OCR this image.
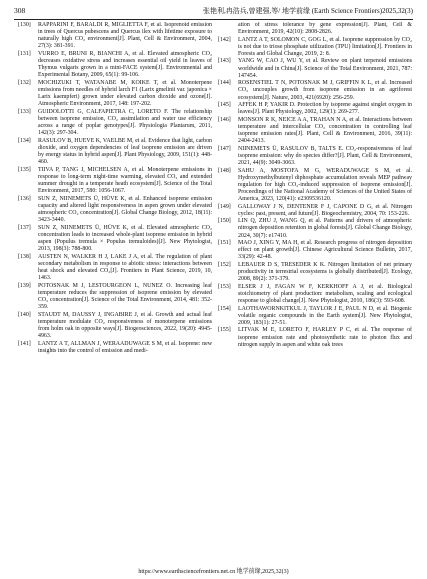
308	张艳利,冉浩兵,曾建强,等/ 地学前缘 (Earth Science Frontiers)2025,32(3)
[130]	RAPPARINI F, BARALDI R, MIGLIETTA F, et al. Isoprenoid emission in trees of Quercus pubescens and Quercus ilex with lifetime exposure to naturally high CO₂ environment[J]. Plant, Cell & Environment, 2004, 27(3): 381-391.
[131]	VURRO E, BRUNI R, BIANCHI A, et al. Elevated atmospheric CO₂ decreases oxidative stress and increases essential oil yield in leaves of Thymus vulgaris grown in a mini-FACE system[J]. Environmental and Experimental Botany, 2009, 65(1): 99-106.
[132]	MOCHIZUKI T, WATANABE M, KOIKE T, et al. Monoterpene emissions from needles of hybrid larch F1 (Larix gmelinii var. japonica × Larix kaempferi) grown under elevated carbon dioxide and ozone[J]. Atmospheric Environment, 2017, 148: 197-202.
[133]	GUIDOLOTTI G, CALFAPIETRA C, LORETO F. The relationship between isoprene emission, CO₂ assimilation and water use efficiency across a range of poplar genotypes[J]. Physiologia Plantarum, 2011, 142(3): 297-304.
[134]	RASULOV B, HUEVE K, VAELBE M, et al. Evidence that light, carbon dioxide, and oxygen dependencies of leaf isoprene emission are driven by energy status in hybrid aspen[J]. Plant Physiology, 2009, 151(1): 448-460.
[135]	TIIVA P, TANG J, MICHELSEN A, et al. Monoterpene emissions in response to long-term night-time warming, elevated CO₂ and extended summer drought in a temperate heath ecosystem[J]. Science of the Total Environment, 2017, 580: 1056-1067.
[136]	SUN Z, NIINEMETS Ü, HÜVE K, et al. Enhanced isoprene emission capacity and altered light responsiveness in aspen grown under elevated atmospheric CO₂ concentration[J]. Global Change Biology, 2012, 18(11): 3423-3440.
[137]	SUN Z, NIINEMETS Ü, HÜVE K, et al. Elevated atmospheric CO₂ concentration leads to increased whole-plant isoprene emission in hybrid aspen (Populus tremula × Populus tremuloides)[J]. New Phytologist, 2013, 198(3): 788-800.
[138]	AUSTEN N, WALKER H J, LAKE J A, et al. The regulation of plant secondary metabolism in response to abiotic stress: interactions between heat shock and elevated CO₂[J]. Frontiers in Plant Science, 2019, 10, 1463.
[139]	POTOSNAK M J, LESTOURGEON L, NUNEZ O. Increasing leaf temperature reduces the suppression of isoprene emission by elevated CO₂ concentration[J]. Science of the Total Environment, 2014, 481: 352-359.
[140]	STAUDT M, DAUSSY J, INGABIRE J, et al. Growth and actual leaf temperature modulate CO₂ responsiveness of monoterpene emissions from holm oak in opposite ways[J]. Biogeosciences, 2022, 19(20): 4945-4963.
[141]	LANTZ A T, ALLMAN J, WERAADUWAGE S M, et al. Isoprene: new insights into the control of emission and medi-
ation of stress tolerance by gene expression[J]. Plant, Cell & Environment, 2019, 42(10): 2808-2826.
[142]	LANTZ A T, SOLOMON C, GOG L, et al. Isoprene suppression by CO₂ is not due to triose phosphate utilization (TPU) limitation[J]. Frontiers in Forests and Global Change, 2019, 2: 8.
[143]	YANG W, CAO J, WU Y, et al. Review on plant terpenoid emissions worldwide and in China[J]. Science of the Total Environment, 2021, 787: 147454.
[144]	ROSENSTIEL T N, POTOSNAK M J, GRIFFIN K L, et al. Increased CO₂ uncouples growth from isoprene emission in an agriforest ecosystem[J]. Nature, 2003, 421(6920): 256-259.
[145]	AFFEK H P, YAKIR D. Protection by isoprene against singlet oxygen in leaves[J]. Plant Physiology, 2002, 129(1): 269-277.
[146]	MONSON R K, NEICE A A, TRAHAN N A, et al. Interactions between temperature and intercellular CO₂ concentration in controlling leaf isoprene emission rates[J]. Plant, Cell & Environment, 2016, 39(11): 2404-2413.
[147]	NIINEMETS Ü, RASULOV B, TALTS E. CO₂-responsiveness of leaf isoprene emission: why do species differ?[J]. Plant, Cell & Environment, 2021, 44(9): 3049-3063.
[148]	SAHU A, MOSTOFA M G, WERADUWAGE S M, et al. Hydroxymethylbutenyl diphosphate accumulation reveals MEP pathway regulation for high CO₂-induced suppression of isoprene emission[J]. Proceedings of the National Academy of Sciences of the United States of America, 2023, 120(41): e2309536120.
[149]	GALLOWAY J N, DENTENER F J, CAPONE D G, et al. Nitrogen cycles: past, present, and future[J]. Biogeochemistry, 2004, 70: 153-226.
[150]	LIN Q, ZHU J, WANG Q, et al. Patterns and drivers of atmospheric nitrogen deposition retention in global forests[J]. Global Change Biology, 2024, 30(7): e17410.
[151]	MAO J, XING Y, MA H, et al. Research progress of nitrogen deposition effect on plant growth[J]. Chinese Agricultural Science Bulletin, 2017, 33(29): 42-48.
[152]	LEBAUER D S, TRESEDER K K. Nitrogen limitation of net primary productivity in terrestrial ecosystems is globally distributed[J]. Ecology, 2008, 89(2): 371-379.
[153]	ELSER J J, FAGAN W F, KERKHOFF A J, et al. Biological stoichiometry of plant production: metabolism, scaling and ecological response to global change[J]. New Phytologist, 2010, 186(3): 593-608.
[154]	LAOTHAWORNKITKUL J, TAYLOR J E, PAUL N D, et al. Biogenic volatile organic compounds in the Earth system[J]. New Phytologist, 2009, 183(1): 27-51.
[155]	LITVAK M E, LORETO F, HARLEY P C, et al. The response of isoprene emission rate and photosynthetic rate to photon flux and nitrogen supply in aspen and white oak trees
https://www.earthsciencefrontiers.net.cn 地学前缘,2025,32(3)
